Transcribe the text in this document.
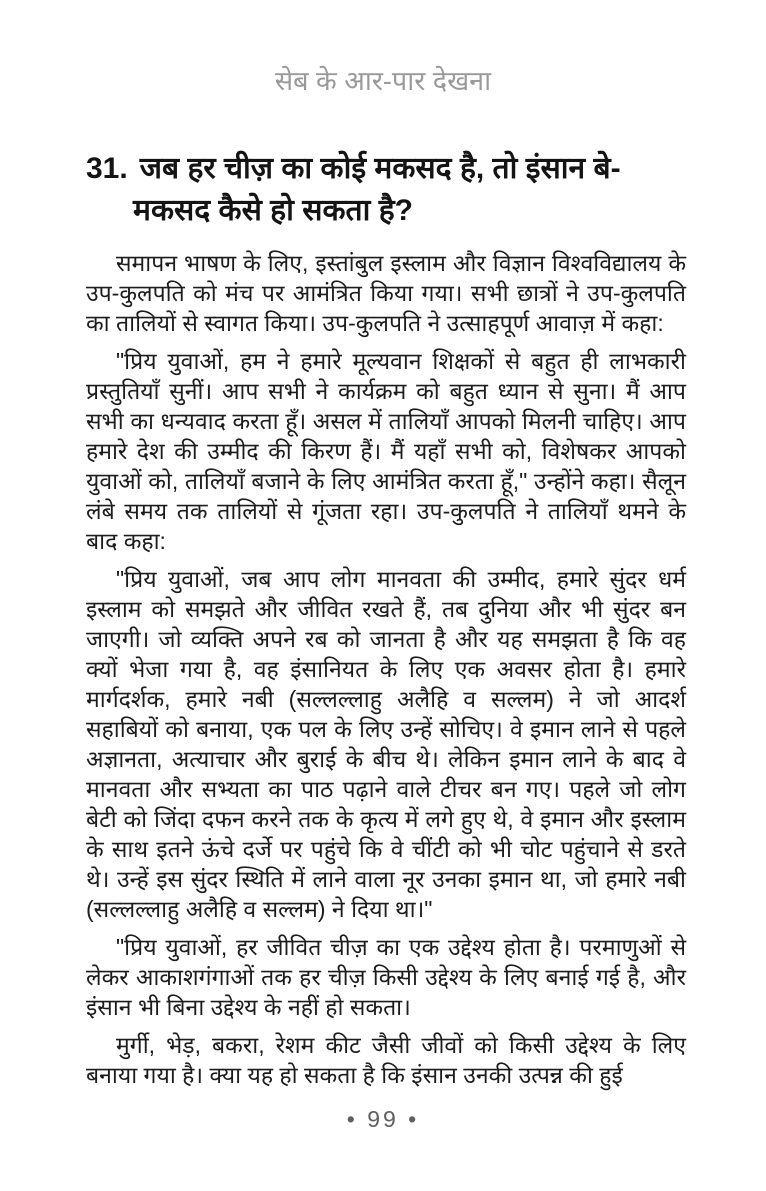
सेब के आर-पार देखना
31. जब हर चीज़ का कोई मकसद है, तो इंसान बे-मकसद कैसे हो सकता है?

समापन भाषण के लिए, इस्तांबुल इस्लाम और विज्ञान विश्वविद्यालय के उप-कुलपति को मंच पर आमंत्रित किया गया। सभी छात्रों ने उप-कुलपति का तालियों से स्वागत किया। उप-कुलपति ने उत्साहपूर्ण आवाज़ में कहा:

"प्रिय युवाओं, हम ने हमारे मूल्यवान शिक्षकों से बहुत ही लाभकारी प्रस्तुतियाँ सुनीं। आप सभी ने कार्यक्रम को बहुत ध्यान से सुना। मैं आप सभी का धन्यवाद करता हूँ। असल में तालियाँ आपको मिलनी चाहिए। आप हमारे देश की उम्मीद की किरण हैं। मैं यहाँ सभी को, विशेषकर आपको युवाओं को, तालियाँ बजाने के लिए आमंत्रित करता हूँ," उन्होंने कहा। सैलून लंबे समय तक तालियों से गूंजता रहा। उप-कुलपति ने तालियाँ थमने के बाद कहा:

"प्रिय युवाओं, जब आप लोग मानवता की उम्मीद, हमारे सुंदर धर्म इस्लाम को समझते और जीवित रखते हैं, तब दुनिया और भी सुंदर बन जाएगी। जो व्यक्ति अपने रब को जानता है और यह समझता है कि वह क्यों भेजा गया है, वह इंसानियत के लिए एक अवसर होता है। हमारे मार्गदर्शक, हमारे नबी (सल्लल्लाहु अलैहि व सल्लम) ने जो आदर्श सहाबियों को बनाया, एक पल के लिए उन्हें सोचिए। वे इमान लाने से पहले अज्ञानता, अत्याचार और बुराई के बीच थे। लेकिन इमान लाने के बाद वे मानवता और सभ्यता का पाठ पढ़ाने वाले टीचर बन गए। पहले जो लोग बेटी को जिंदा दफन करने तक के कृत्य में लगे हुए थे, वे इमान और इस्लाम के साथ इतने ऊंचे दर्जे पर पहुंचे कि वे चींटी को भी चोट पहुंचाने से डरते थे। उन्हें इस सुंदर स्थिति में लाने वाला नूर उनका इमान था, जो हमारे नबी (सल्लल्लाहु अलैहि व सल्लम) ने दिया था।"

"प्रिय युवाओं, हर जीवित चीज़ का एक उद्देश्य होता है। परमाणुओं से लेकर आकाशगंगाओं तक हर चीज़ किसी उद्देश्य के लिए बनाई गई है, और इंसान भी बिना उद्देश्य के नहीं हो सकता।

मुर्गी, भेड़, बकरा, रेशम कीट जैसी जीवों को किसी उद्देश्य के लिए बनाया गया है। क्या यह हो सकता है कि इंसान उनकी उत्पन्न की हुई

• 99 •
